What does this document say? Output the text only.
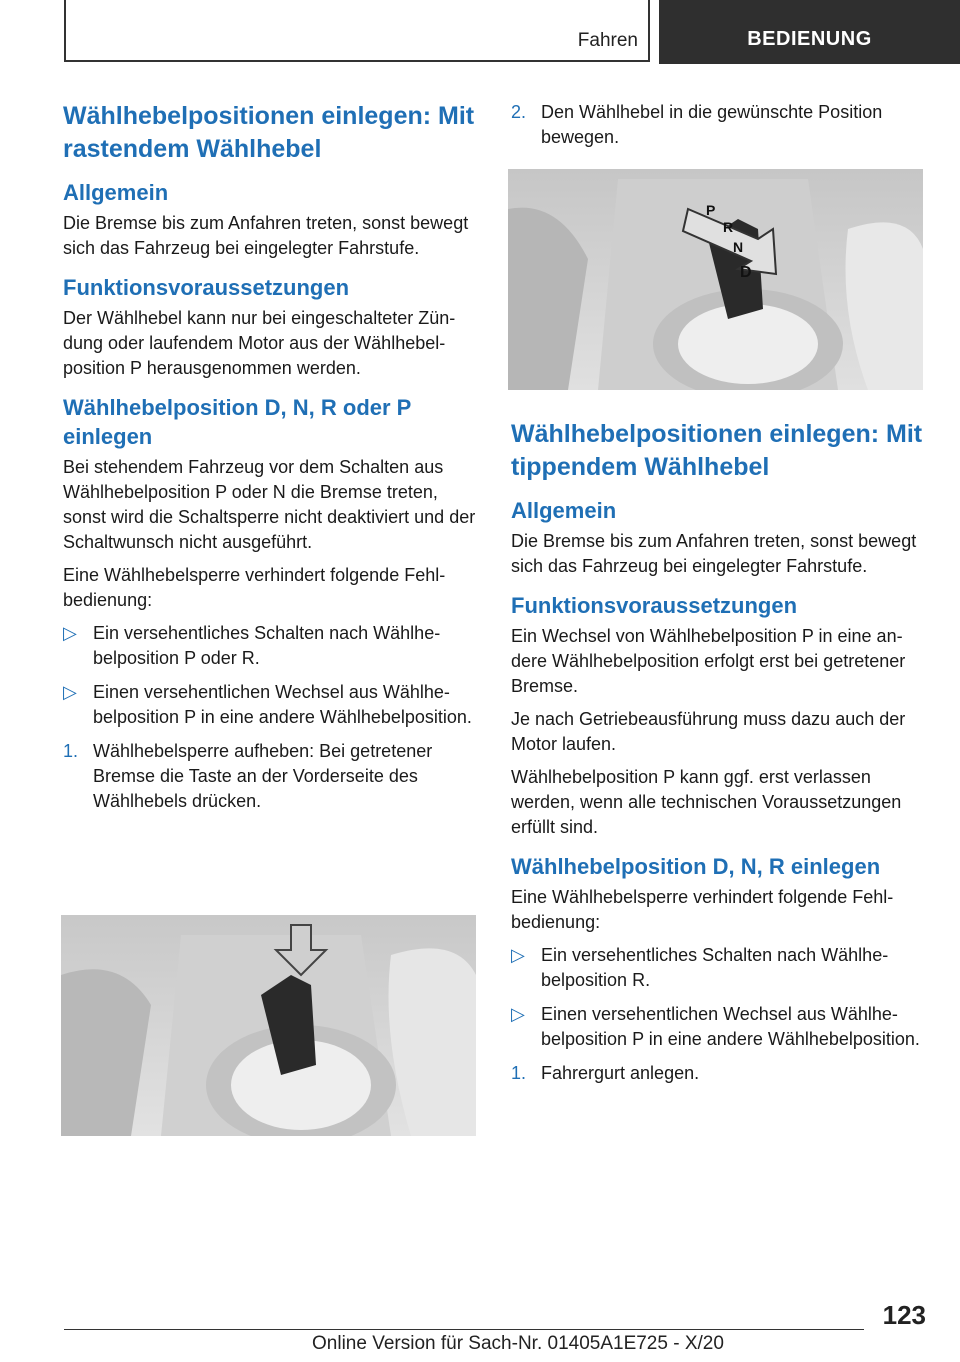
Fahren	BEDIENUNG
Wählhebelpositionen einlegen: Mit rastendem Wählhebel
Allgemein

Die Bremse bis zum Anfahren treten, sonst bewegt sich das Fahrzeug bei eingelegter Fahrstufe.

Funktionsvoraussetzungen

Der Wählhebel kann nur bei eingeschalteter Zündung oder laufendem Motor aus der Wählhebelposition P herausgenommen werden.

Wählhebelposition D, N, R oder P einlegen

Bei stehendem Fahrzeug vor dem Schalten aus Wählhebelposition P oder N die Bremse treten, sonst wird die Schaltsperre nicht deaktiviert und der Schaltwunsch nicht ausgeführt.

Eine Wählhebelsperre verhindert folgende Fehlbedienung:

▷ Ein versehentliches Schalten nach Wählhebelposition P oder R.
▷ Einen versehentlichen Wechsel aus Wählhebelposition P in eine andere Wählhebelposition.
1. Wählhebelsperre aufheben: Bei getretener Bremse die Taste an der Vorderseite des Wählhebels drücken.
2. Den Wählhebel in die gewünschte Position bewegen.
P
R
N
D
Wählhebelpositionen einlegen: Mit tippendem Wählhebel
Allgemein

Die Bremse bis zum Anfahren treten, sonst bewegt sich das Fahrzeug bei eingelegter Fahrstufe.

Funktionsvoraussetzungen

Ein Wechsel von Wählhebelposition P in eine andere Wählhebelposition erfolgt erst bei getretener Bremse.

Je nach Getriebeausführung muss dazu auch der Motor laufen.

Wählhebelposition P kann ggf. erst verlassen werden, wenn alle technischen Voraussetzungen erfüllt sind.

Wählhebelposition D, N, R einlegen

Eine Wählhebelsperre verhindert folgende Fehlbedienung:

▷ Ein versehentliches Schalten nach Wählhebelposition R.
▷ Einen versehentlichen Wechsel aus Wählhebelposition P in eine andere Wählhebelposition.
1. Fahrergurt anlegen.
123
Online Version für Sach-Nr. 01405A1E725 - X/20
